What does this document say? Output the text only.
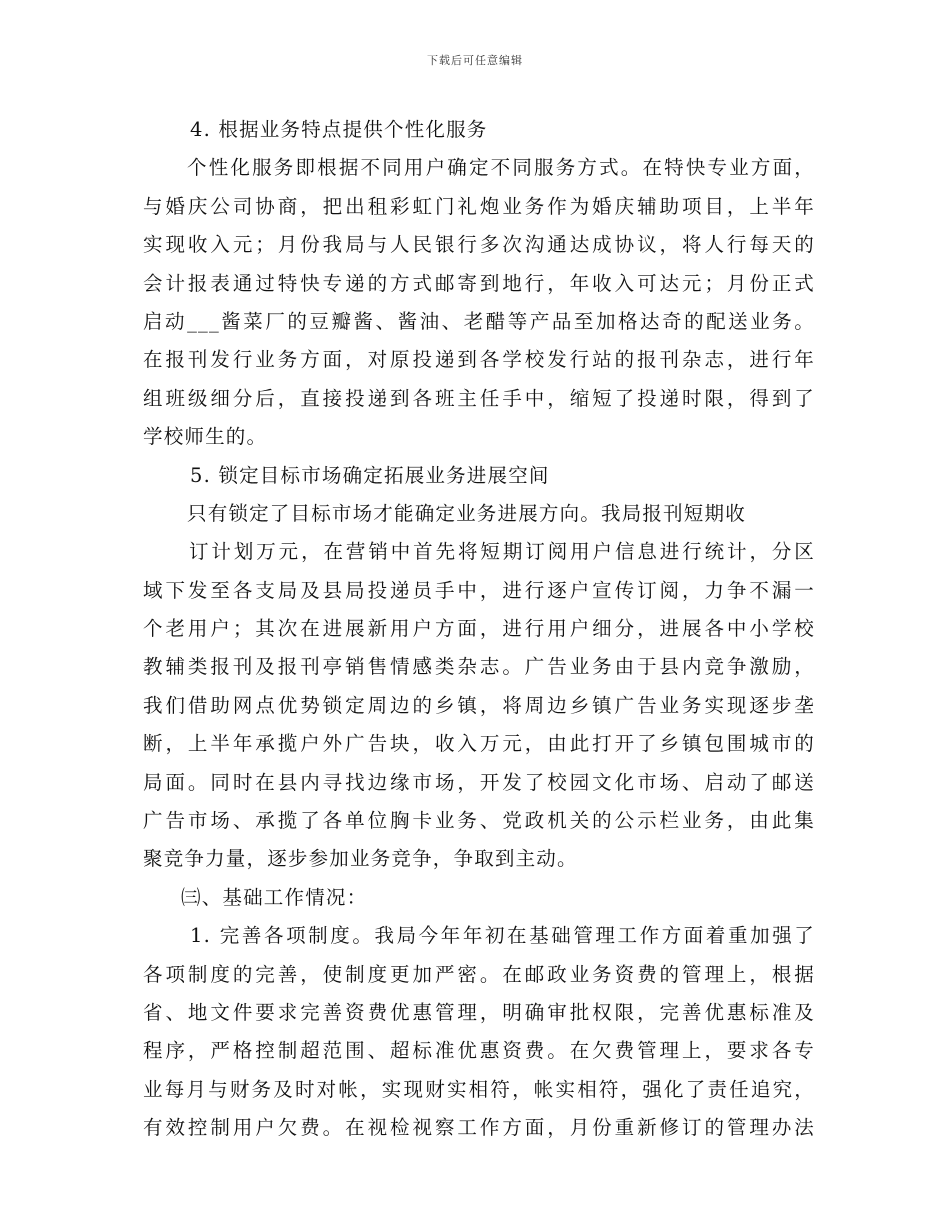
下载后可任意编辑
4. 根据业务特点提供个性化服务
个性化服务即根据不同用户确定不同服务方式。在特快专业方面，
与婚庆公司协商，把出租彩虹门礼炮业务作为婚庆辅助项目，上半年
实现收入元；月份我局与人民银行多次沟通达成协议，将人行每天的
会计报表通过特快专递的方式邮寄到地行，年收入可达元；月份正式
启动___酱菜厂的豆瓣酱、酱油、老醋等产品至加格达奇的配送业务。
在报刊发行业务方面，对原投递到各学校发行站的报刊杂志，进行年
组班级细分后，直接投递到各班主任手中，缩短了投递时限，得到了
学校师生的。
5. 锁定目标市场确定拓展业务进展空间
只有锁定了目标市场才能确定业务进展方向。我局报刊短期收
订计划万元，在营销中首先将短期订阅用户信息进行统计，分区
域下发至各支局及县局投递员手中，进行逐户宣传订阅，力争不漏一
个老用户；其次在进展新用户方面，进行用户细分，进展各中小学校
教辅类报刊及报刊亭销售情感类杂志。广告业务由于县内竞争激励，
我们借助网点优势锁定周边的乡镇，将周边乡镇广告业务实现逐步垄
断，上半年承揽户外广告块，收入万元，由此打开了乡镇包围城市的
局面。同时在县内寻找边缘市场，开发了校园文化市场、启动了邮送
广告市场、承揽了各单位胸卡业务、党政机关的公示栏业务，由此集
聚竞争力量，逐步参加业务竞争，争取到主动。
㈢、基础工作情况：
1. 完善各项制度。我局今年年初在基础管理工作方面着重加强了
各项制度的完善，使制度更加严密。在邮政业务资费的管理上，根据
省、地文件要求完善资费优惠管理，明确审批权限，完善优惠标准及
程序，严格控制超范围、超标准优惠资费。在欠费管理上，要求各专
业每月与财务及时对帐，实现财实相符，帐实相符，强化了责任追究，
有效控制用户欠费。在视检视察工作方面，月份重新修订的管理办法
